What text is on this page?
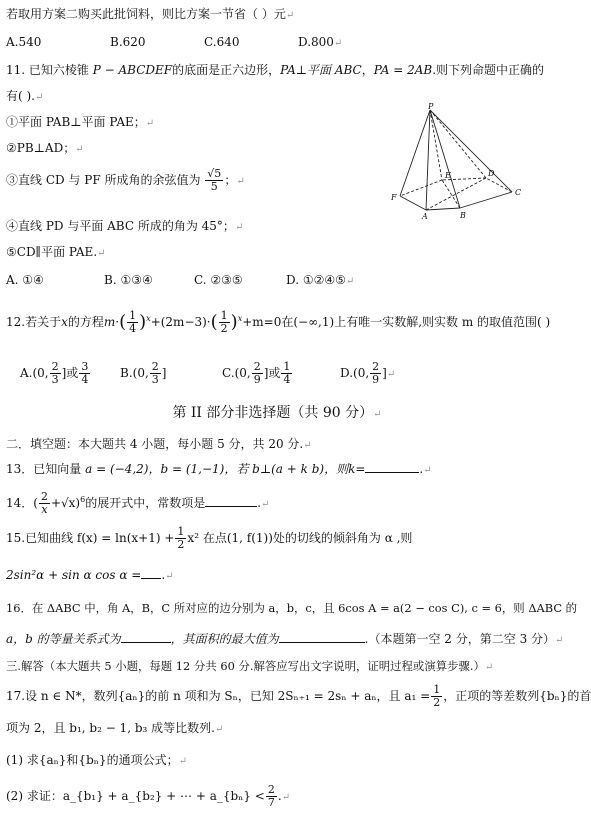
若取用方案二购买此批饲料，则比方案一节省（ ）元↵
A.540	B.620	C.640	D.800↵
11. 已知六棱锥 P − ABCDEF的底面是正六边形，PA⊥平面 ABC，PA = 2AB.则下列命题中正确的
有( ).↵
①平面 PAB⊥平面 PAE；↵
②PB⊥AD；↵
③直线 CD 与 PF 所成角的余弦值为 $\frac{√5}{5}$ ；↵
④直线 PD 与平面 ABC 所成的角为 45°；↵
⑤CD∥平面 PAE.↵
A. ①④	B. ①③④	C. ②③⑤	D. ①②④⑤↵
P
F
A	B
C
D
E
12.若关于x的方程$m\cdot( \frac{1}{4} )^x+(2m-3)\cdot( \frac{1}{2} )^x+m=0$在(−∞,1)上有唯一实数解,则实数 m 的取值范围( )
A.(0, $\frac{2}{3}$ ]或 $\frac{3}{4} B.(0$, $\frac{2}{3}$ ]	C.(0, $\frac{2}{9}$ ]或 $\frac{1}{4}$	D.(0, $\frac{2}{9}$ ]↵
第 II 部分非选择题（共 90 分）↵
二．填空题：本大题共 4 小题，每小题 5 分，共 20 分.↵
13．已知向量 a = (−4,2)，b = (1,−1)，若 b⊥(a + k b)，则k=	.↵
14．( $\frac{2}{x} +√x)^6$的展开式中，常数项是	.↵
15.已知曲线 $f(x) = \ln(x+1) + \frac{1}{2} x^2$ 在点(1, f(1))处的切线的倾斜角为 α ,则
2sin²α + sin α cos α = .↵
16．在 ΔABC 中，角 A，B，C 所对应的边分别为 a，b，c，且 6cos A = a(2 − cos C), c = 6，则 ΔABC 的
a，b 的等量关系式为	，其面积的最大值为	.（本题第一空 2 分，第二空 3 分）↵
三.解答（本大题共 5 小题，每题 12 分共 60 分.解答应写出文字说明，证明过程或演算步骤.）↵
17.设 n ∈ N*，数列{aₙ}的前 n 项和为 Sₙ，已知 2Sₙ₊₁ = 2sₙ + aₙ，且 $a_1 = \frac{1}{2}$ ，正项的等差数列{bₙ}的首
项为 2，且 b₁, b₂ − 1, b₃ 成等比数列.↵
(1) 求{aₙ}和{bₙ}的通项公式；↵
(2) 求证：a_{b₁} + a_{b₂} + ⋯ + a_{bₙ} < $\frac{2}{7}$ .↵
